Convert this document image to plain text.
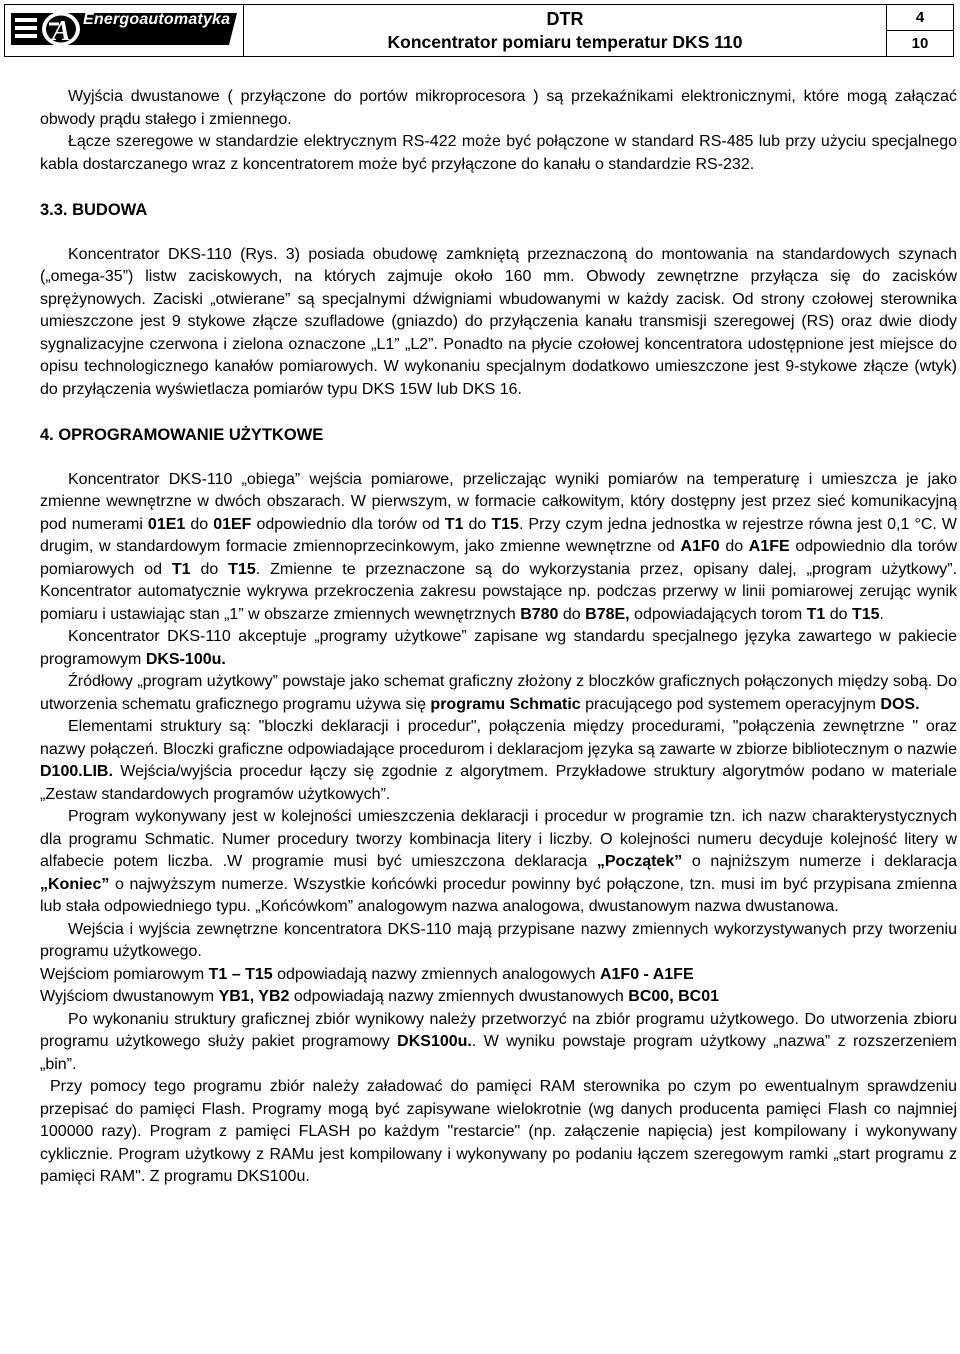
A Energoautomatyka	DTR
Koncentrator pomiaru temperatur DKS 110

4
10

Wyjścia dwustanowe ( przyłączone do portów mikroprocesora ) są przekaźnikami elektronicznymi, które mogą załączać obwody prądu stałego i zmiennego.

Łącze szeregowe w standardzie elektrycznym RS-422 może być połączone w standard RS-485 lub przy użyciu specjalnego kabla dostarczanego wraz z koncentratorem może być przyłączone do kanału o standardzie RS-232.

3.3. BUDOWA

Koncentrator DKS-110 (Rys. 3) posiada obudowę zamkniętą przeznaczoną do montowania na standardowych szynach („omega-35”) listw zaciskowych, na których zajmuje około 160 mm. Obwody zewnętrzne przyłącza się do zacisków sprężynowych. Zaciski „otwierane” są specjalnymi dźwigniami wbudowanymi w każdy zacisk. Od strony czołowej sterownika umieszczone jest 9 stykowe złącze szufladowe (gniazdo) do przyłączenia kanału transmisji szeregowej (RS) oraz dwie diody sygnalizacyjne czerwona i zielona oznaczone „L1” „L2”. Ponadto na płycie czołowej koncentratora udostępnione jest miejsce do opisu technologicznego kanałów pomiarowych. W wykonaniu specjalnym dodatkowo umieszczone jest 9-stykowe złącze (wtyk) do przyłączenia wyświetlacza pomiarów typu DKS 15W lub DKS 16.

4. OPROGRAMOWANIE UŻYTKOWE

Koncentrator DKS-110 „obiega” wejścia pomiarowe, przeliczając wyniki pomiarów na temperaturę i umieszcza je jako zmienne wewnętrzne w dwóch obszarach. W pierwszym, w formacie całkowitym, który dostępny jest przez sieć komunikacyjną pod numerami 01E1 do 01EF odpowiednio dla torów od T1 do T15. Przy czym jedna jednostka w rejestrze równa jest 0,1 °C. W drugim, w standardowym formacie zmiennoprzecinkowym, jako zmienne wewnętrzne od A1F0 do A1FE odpowiednio dla torów pomiarowych od T1 do T15. Zmienne te przeznaczone są do wykorzystania przez, opisany dalej, „program użytkowy”. Koncentrator automatycznie wykrywa przekroczenia zakresu powstające np. podczas przerwy w linii pomiarowej zerując wynik pomiaru i ustawiając stan „1” w obszarze zmiennych wewnętrznych B780 do B78E, odpowiadających torom T1 do T15.

Koncentrator DKS-110 akceptuje „programy użytkowe” zapisane wg standardu specjalnego języka zawartego w pakiecie programowym DKS-100u.

Źródłowy „program użytkowy” powstaje jako schemat graficzny złożony z bloczków graficznych połączonych między sobą. Do utworzenia schematu graficznego programu używa się programu Schmatic pracującego pod systemem operacyjnym DOS.

Elementami struktury są: "bloczki deklaracji i procedur", połączenia między procedurami, "połączenia zewnętrzne " oraz nazwy połączeń. Bloczki graficzne odpowiadające procedurom i deklaracjom języka są zawarte w zbiorze bibliotecznym o nazwie D100.LIB. Wejścia/wyjścia procedur łączy się zgodnie z algorytmem. Przykładowe struktury algorytmów podano w materiale „Zestaw standardowych programów użytkowych”.

Program wykonywany jest w kolejności umieszczenia deklaracji i procedur w programie tzn. ich nazw charakterystycznych dla programu Schmatic. Numer procedury tworzy kombinacja litery i liczby. O kolejności numeru decyduje kolejność litery w alfabecie potem liczba. .W programie musi być umieszczona deklaracja „Początek” o najniższym numerze i deklaracja „Koniec” o najwyższym numerze. Wszystkie końcówki procedur powinny być połączone, tzn. musi im być przypisana zmienna lub stała odpowiedniego typu. „Końcówkom” analogowym nazwa analogowa, dwustanowym nazwa dwustanowa.

Wejścia i wyjścia zewnętrzne koncentratora DKS-110 mają przypisane nazwy zmiennych wykorzystywanych przy tworzeniu programu użytkowego.

Wejściom pomiarowym T1 – T15 odpowiadają nazwy zmiennych analogowych A1F0 - A1FE

Wyjściom dwustanowym YB1, YB2 odpowiadają nazwy zmiennych dwustanowych BC00, BC01

Po wykonaniu struktury graficznej zbiór wynikowy należy przetworzyć na zbiór programu użytkowego. Do utworzenia zbioru programu użytkowego służy pakiet programowy DKS100u.. W wyniku powstaje program użytkowy „nazwa” z rozszerzeniem „bin”.

Przy pomocy tego programu zbiór należy załadować do pamięci RAM sterownika po czym po ewentualnym sprawdzeniu przepisać do pamięci Flash. Programy mogą być zapisywane wielokrotnie (wg danych producenta pamięci Flash co najmniej 100000 razy). Program z pamięci FLASH po każdym "restarcie" (np. załączenie napięcia) jest kompilowany i wykonywany cyklicznie. Program użytkowy z RAMu jest kompilowany i wykonywany po podaniu łączem szeregowym ramki „start programu z pamięci RAM". Z programu DKS100u.
